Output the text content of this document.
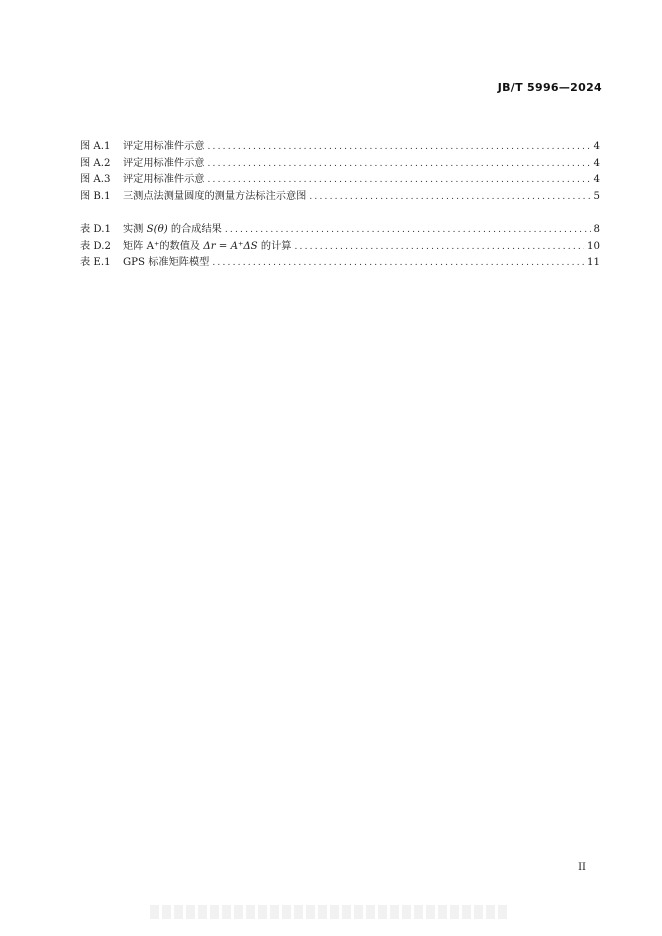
JB/T 5996—2024
图 A.1	评定用标准件示意 .....	4
图 A.2	评定用标准件示意 .....	4
图 A.3	评定用标准件示意 .....	4
图 B.1	三测点法测量圆度的测量方法标注示意图 .....	5
表 D.1	实测 S(θ) 的合成结果 .....	8
表 D.2	矩阵 A⁺的数值及 Δr = A⁺ΔS 的计算 .....	10
表 E.1	GPS 标准矩阵模型 .....	11
II
